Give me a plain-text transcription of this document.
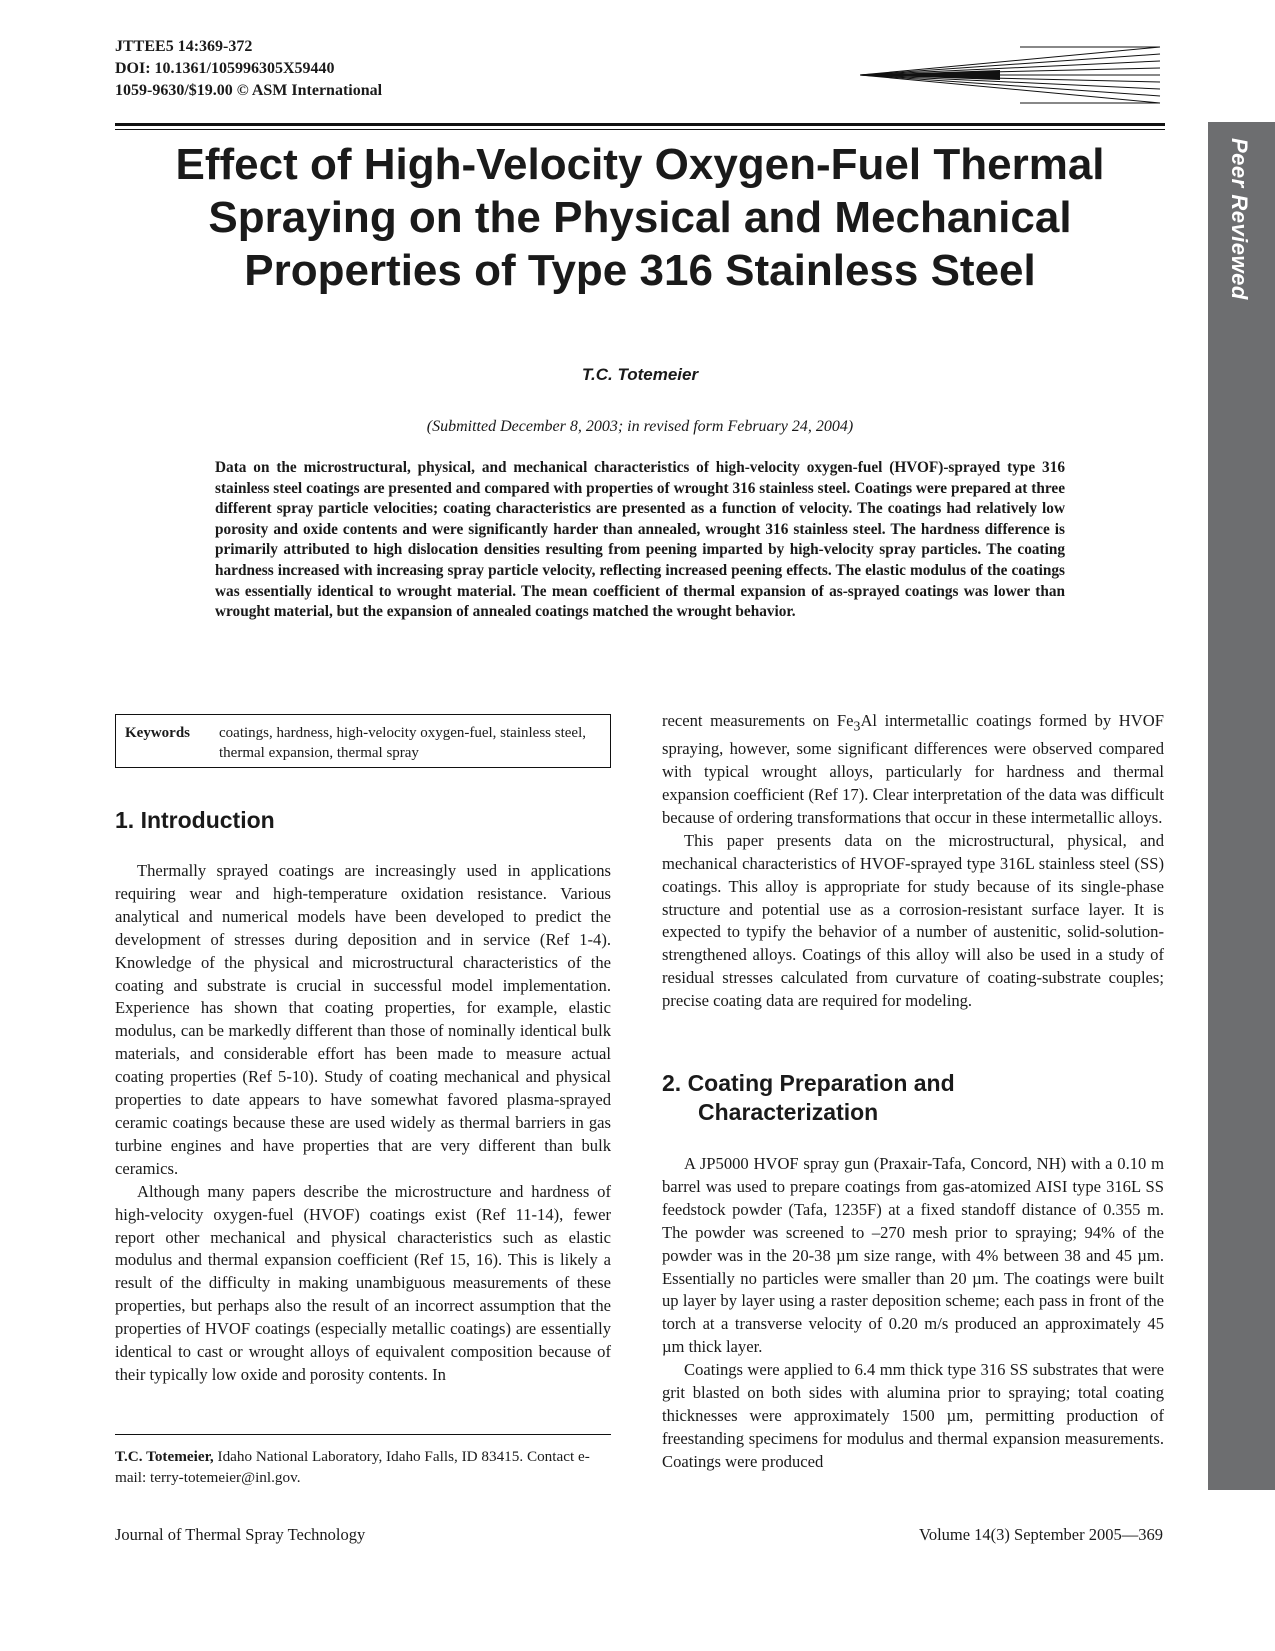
JTTEE5 14:369-372
DOI: 10.1361/105996305X59440
1059-9630/$19.00 © ASM International
Peer Reviewed
Effect of High-Velocity Oxygen-Fuel Thermal Spraying on the Physical and Mechanical Properties of Type 316 Stainless Steel
T.C. Totemeier
(Submitted December 8, 2003; in revised form February 24, 2004)
Data on the microstructural, physical, and mechanical characteristics of high-velocity oxygen-fuel (HVOF)-sprayed type 316 stainless steel coatings are presented and compared with properties of wrought 316 stainless steel. Coatings were prepared at three different spray particle velocities; coating characteristics are presented as a function of velocity. The coatings had relatively low porosity and oxide contents and were significantly harder than annealed, wrought 316 stainless steel. The hardness difference is primarily attributed to high dislocation densities resulting from peening imparted by high-velocity spray particles. The coating hardness increased with increasing spray particle velocity, reflecting increased peening effects. The elastic modulus of the coatings was essentially identical to wrought material. The mean coefficient of thermal expansion of as-sprayed coatings was lower than wrought material, but the expansion of annealed coatings matched the wrought behavior.
Keywords coatings, hardness, high-velocity oxygen-fuel, stainless steel, thermal expansion, thermal spray
1. Introduction

Thermally sprayed coatings are increasingly used in applications requiring wear and high-temperature oxidation resistance. Various analytical and numerical models have been developed to predict the development of stresses during deposition and in service (Ref 1-4). Knowledge of the physical and microstructural characteristics of the coating and substrate is crucial in successful model implementation. Experience has shown that coating properties, for example, elastic modulus, can be markedly different than those of nominally identical bulk materials, and considerable effort has been made to measure actual coating properties (Ref 5-10). Study of coating mechanical and physical properties to date appears to have somewhat favored plasma-sprayed ceramic coatings because these are used widely as thermal barriers in gas turbine engines and have properties that are very different than bulk ceramics.

Although many papers describe the microstructure and hardness of high-velocity oxygen-fuel (HVOF) coatings exist (Ref 11-14), fewer report other mechanical and physical characteristics such as elastic modulus and thermal expansion coefficient (Ref 15, 16). This is likely a result of the difficulty in making unambiguous measurements of these properties, but perhaps also the result of an incorrect assumption that the properties of HVOF coatings (especially metallic coatings) are essentially identical to cast or wrought alloys of equivalent composition because of their typically low oxide and porosity contents. In

T.C. Totemeier, Idaho National Laboratory, Idaho Falls, ID 83415. Contact e-mail: terry-totemeier@inl.gov.

recent measurements on $Fe_3Al$ intermetallic coatings formed by HVOF spraying, however, some significant differences were observed compared with typical wrought alloys, particularly for hardness and thermal expansion coefficient (Ref 17). Clear interpretation of the data was difficult because of ordering transformations that occur in these intermetallic alloys.

This paper presents data on the microstructural, physical, and mechanical characteristics of HVOF-sprayed type 316L stainless steel (SS) coatings. This alloy is appropriate for study because of its single-phase structure and potential use as a corrosion-resistant surface layer. It is expected to typify the behavior of a number of austenitic, solid-solution-strengthened alloys. Coatings of this alloy will also be used in a study of residual stresses calculated from curvature of coating-substrate couples; precise coating data are required for modeling.

2. Coating Preparation and
Characterization

A JP5000 HVOF spray gun (Praxair-Tafa, Concord, NH) with a 0.10 m barrel was used to prepare coatings from gas-atomized AISI type 316L SS feedstock powder (Tafa, 1235F) at a fixed standoff distance of 0.355 m. The powder was screened to –270 mesh prior to spraying; 94% of the powder was in the 20-38 µm size range, with 4% between 38 and 45 µm. Essentially no particles were smaller than 20 µm. The coatings were built up layer by layer using a raster deposition scheme; each pass in front of the torch at a transverse velocity of 0.20 m/s produced an approximately 45 µm thick layer.

Coatings were applied to 6.4 mm thick type 316 SS substrates that were grit blasted on both sides with alumina prior to spraying; total coating thicknesses were approximately 1500 µm, permitting production of freestanding specimens for modulus and thermal expansion measurements. Coatings were produced

Journal of Thermal Spray Technology	Volume 14(3) September 2005—369
